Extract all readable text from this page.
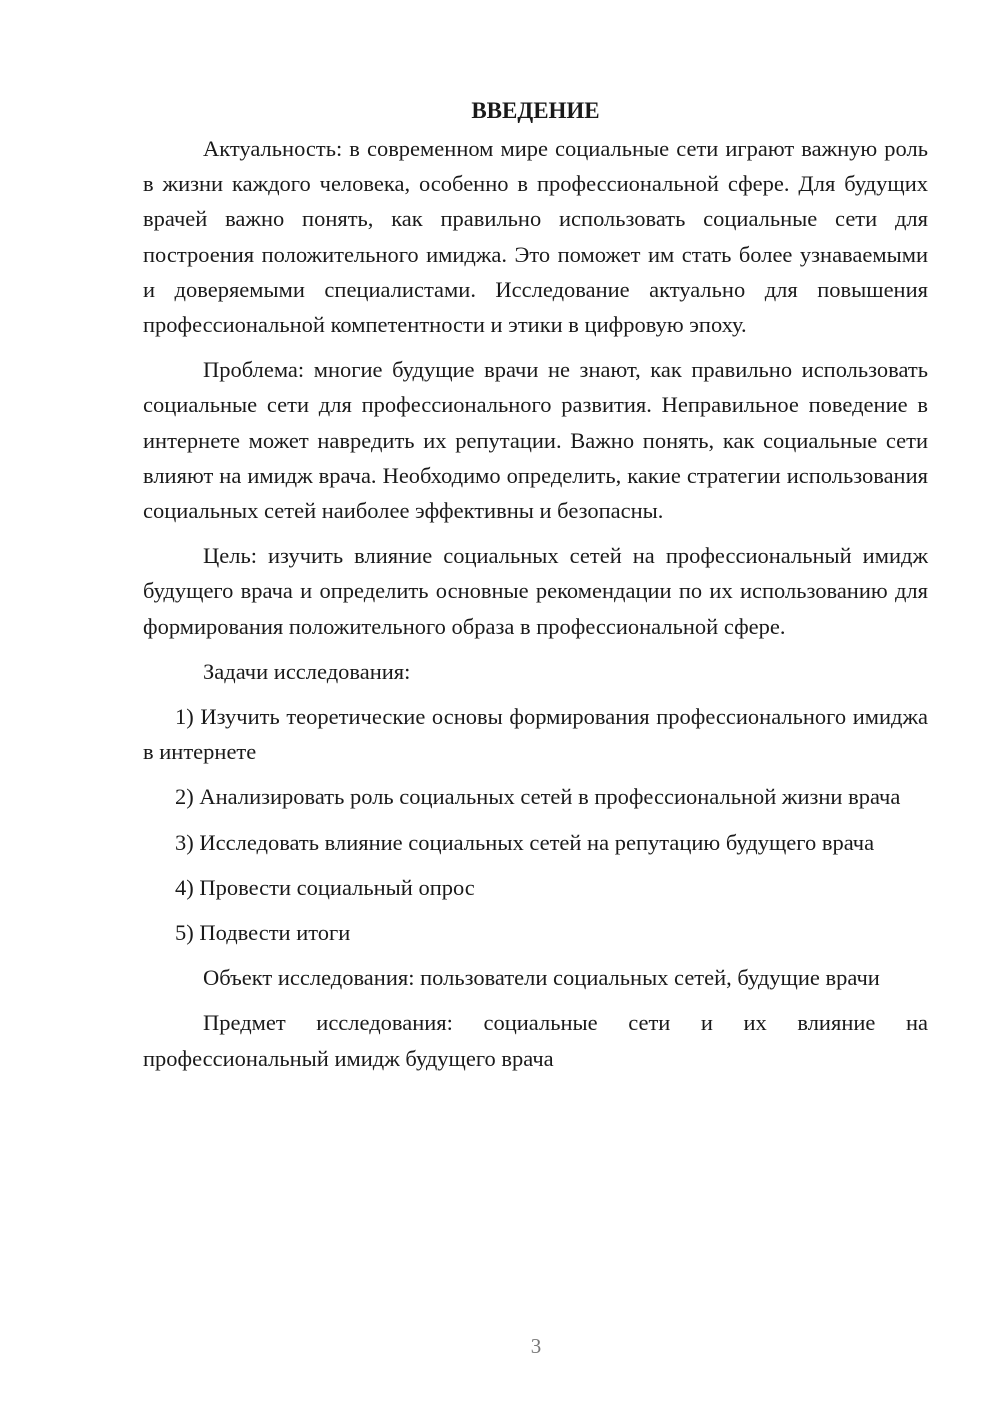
ВВЕДЕНИЕ

Актуальность: в современном мире социальные сети играют важную роль в жизни каждого человека, особенно в профессиональной сфере. Для будущих врачей важно понять, как правильно использовать социальные сети для построения положительного имиджа. Это поможет им стать более узнаваемыми и доверяемыми специалистами. Исследование актуально для повышения профессиональной компетентности и этики в цифровую эпоху.

Проблема: многие будущие врачи не знают, как правильно использовать социальные сети для профессионального развития. Неправильное поведение в интернете может навредить их репутации. Важно понять, как социальные сети влияют на имидж врача. Необходимо определить, какие стратегии использования социальных сетей наиболее эффективны и безопасны.

Цель: изучить влияние социальных сетей на профессиональный имидж будущего врача и определить основные рекомендации по их использованию для формирования положительного образа в профессиональной сфере.

Задачи исследования:

1) Изучить теоретические основы формирования профессионального имиджа в интернете

2) Анализировать роль социальных сетей в профессиональной жизни врача

3) Исследовать влияние социальных сетей на репутацию будущего врача

4) Провести социальный опрос

5) Подвести итоги

Объект исследования: пользователи социальных сетей, будущие врачи

Предмет исследования: социальные сети и их влияние на профессиональный имидж будущего врача

3
